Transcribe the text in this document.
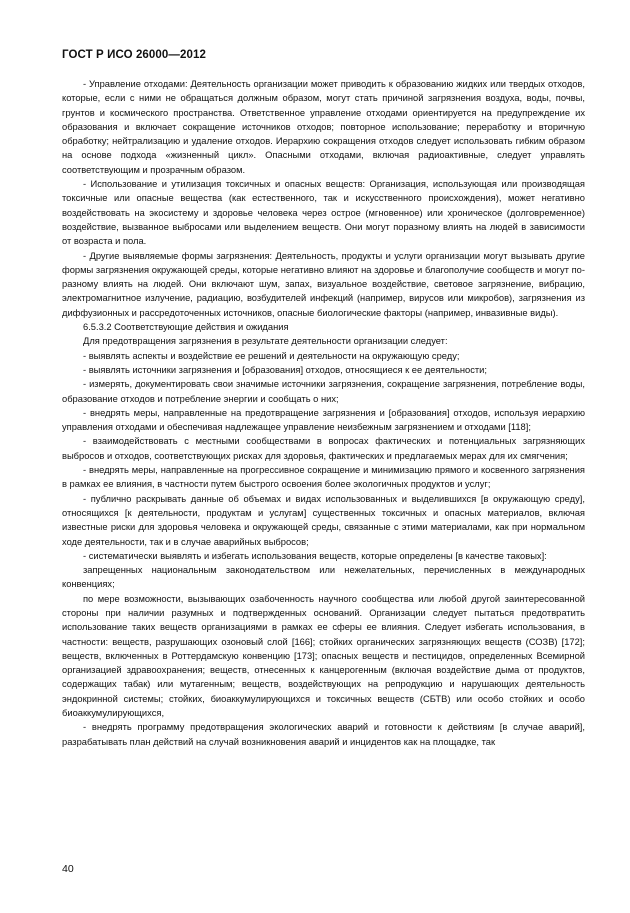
ГОСТ Р ИСО 26000—2012

- Управление отходами: Деятельность организации может приводить к образованию жидких или твердых отходов, которые, если с ними не обращаться должным образом, могут стать причиной загрязнения воздуха, воды, почвы, грунтов и космического пространства. Ответственное управление отходами ориентируется на предупреждение их образования и включает сокращение источников отходов; повторное использование; переработку и вторичную обработку; нейтрализацию и удаление отходов. Иерархию сокращения отходов следует использовать гибким образом на основе подхода «жизненный цикл». Опасными отходами, включая радиоактивные, следует управлять соответствующим и прозрачным образом.

- Использование и утилизация токсичных и опасных веществ: Организация, использующая или производящая токсичные или опасные вещества (как естественного, так и искусственного происхождения), может негативно воздействовать на экосистему и здоровье человека через острое (мгновенное) или хроническое (долговременное) воздействие, вызванное выбросами или выделением веществ. Они могут поразному влиять на людей в зависимости от возраста и пола.

- Другие выявляемые формы загрязнения: Деятельность, продукты и услуги организации могут вызывать другие формы загрязнения окружающей среды, которые негативно влияют на здоровье и благополучие сообществ и могут по-разному влиять на людей. Они включают шум, запах, визуальное воздействие, световое загрязнение, вибрацию, электромагнитное излучение, радиацию, возбудителей инфекций (например, вирусов или микробов), загрязнения из диффузионных и рассредоточенных источников, опасные биологические факторы (например, инвазивные виды).

6.5.3.2 Соответствующие действия и ожидания

Для предотвращения загрязнения в результате деятельности организации следует:

- выявлять аспекты и воздействие ее решений и деятельности на окружающую среду;

- выявлять источники загрязнения и [образования] отходов, относящиеся к ее деятельности;

- измерять, документировать свои значимые источники загрязнения, сокращение загрязнения, потребление воды, образование отходов и потребление энергии и сообщать о них;

- внедрять меры, направленные на предотвращение загрязнения и [образования] отходов, используя иерархию управления отходами и обеспечивая надлежащее управление неизбежным загрязнением и отходами [118];

- взаимодействовать с местными сообществами в вопросах фактических и потенциальных загрязняющих выбросов и отходов, соответствующих рисках для здоровья, фактических и предлагаемых мерах для их смягчения;

- внедрять меры, направленные на прогрессивное сокращение и минимизацию прямого и косвенного загрязнения в рамках ее влияния, в частности путем быстрого освоения более экологичных продуктов и услуг;

- публично раскрывать данные об объемах и видах использованных и выделившихся [в окружающую среду], относящихся [к деятельности, продуктам и услугам] существенных токсичных и опасных материалов, включая известные риски для здоровья человека и окружающей среды, связанные с этими материалами, как при нормальном ходе деятельности, так и в случае аварийных выбросов;

- систематически выявлять и избегать использования веществ, которые определены [в качестве таковых]:

запрещенных национальным законодательством или нежелательных, перечисленных в международных конвенциях;

по мере возможности, вызывающих озабоченность научного сообщества или любой другой заинтересованной стороны при наличии разумных и подтвержденных оснований. Организации следует пытаться предотвратить использование таких веществ организациями в рамках ее сферы ее влияния. Следует избегать использования, в частности: веществ, разрушающих озоновый слой [166]; стойких органических загрязняющих веществ (СОЗВ) [172]; веществ, включенных в Роттердамскую конвенцию [173]; опасных веществ и пестицидов, определенных Всемирной организацией здравоохранения; веществ, отнесенных к канцерогенным (включая воздействие дыма от продуктов, содержащих табак) или мутагенным; веществ, воздействующих на репродукцию и нарушающих деятельность эндокринной системы; стойких, биоаккумулирующихся и токсичных веществ (СБТВ) или особо стойких и особо биоаккумулирующихся,

- внедрять программу предотвращения экологических аварий и готовности к действиям [в случае аварий], разрабатывать план действий на случай возникновения аварий и инцидентов как на площадке, так

40
